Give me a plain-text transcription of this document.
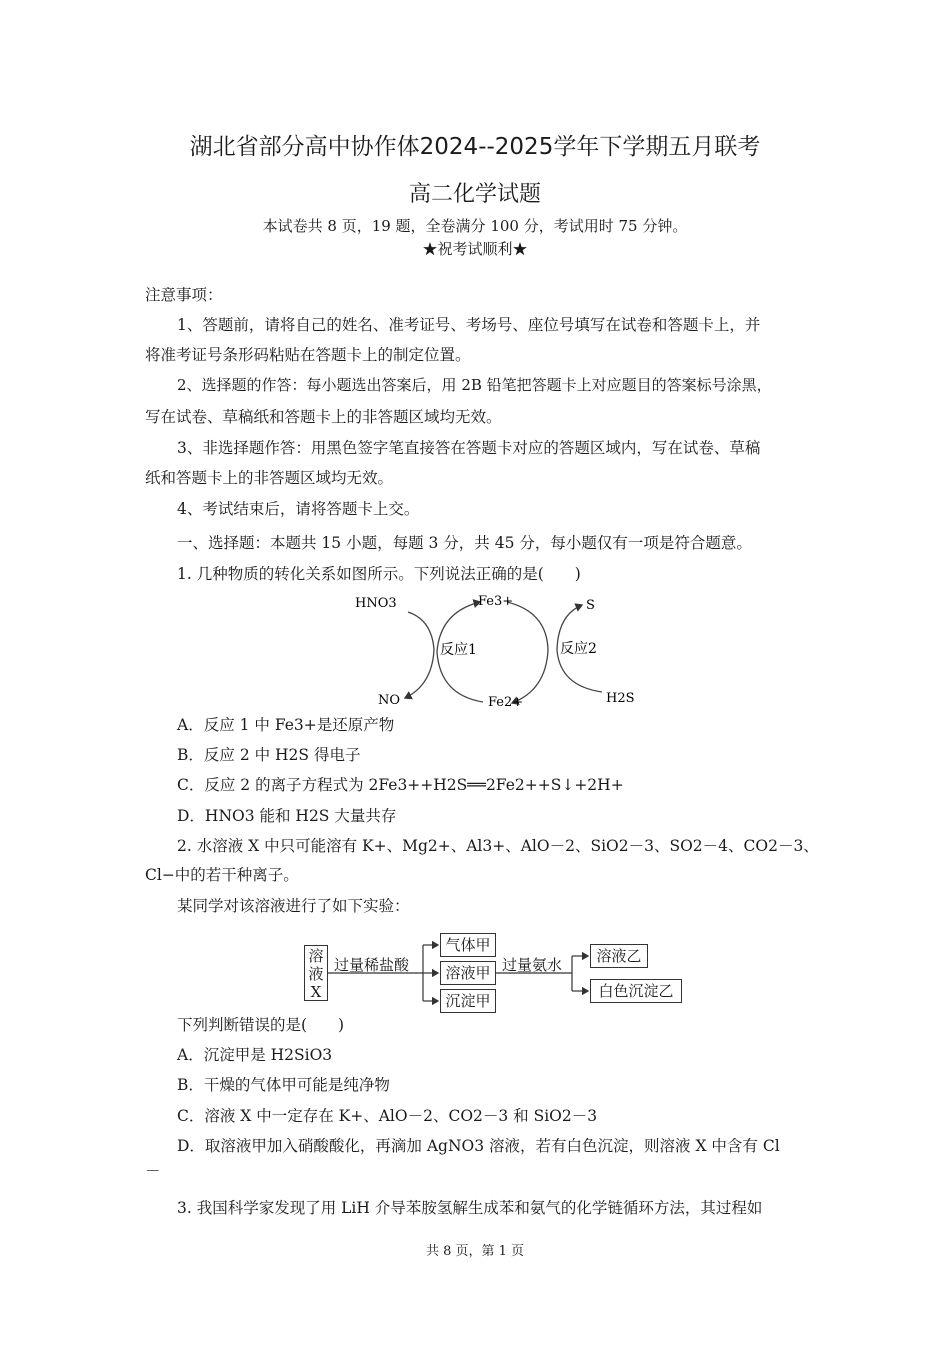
湖北省部分高中协作体2024--2025学年下学期五月联考
高二化学试题
本试卷共 8 页，19 题，全卷满分 100 分，考试用时 75 分钟。
★祝考试顺利★
注意事项：
1、答题前，请将自己的姓名、准考证号、考场号、座位号填写在试卷和答题卡上，并
将准考证号条形码粘贴在答题卡上的制定位置。
2、选择题的作答：每小题选出答案后，用 2B 铅笔把答题卡上对应题目的答案标号涂黑，
写在试卷、草稿纸和答题卡上的非答题区域均无效。
3、非选择题作答：用黑色签字笔直接答在答题卡对应的答题区域内，写在试卷、草稿
纸和答题卡上的非答题区域均无效。
4、考试结束后，请将答题卡上交。
一、选择题：本题共 15 小题，每题 3 分，共 45 分，每小题仅有一项是符合题意。
1. 几种物质的转化关系如图所示。下列说法正确的是(　　)
HNO3
NO
Fe3+
Fe2+
S
H2S
反应1	反应2
A．反应 1 中 Fe3+是还原产物
B．反应 2 中 H2S 得电子
C．反应 2 的离子方程式为 2Fe3++H2S══2Fe2++S↓+2H+
D．HNO3 能和 H2S 大量共存
2. 水溶液 X 中只可能溶有 K+、Mg2+、Al3+、AlO－2、SiO2－3、SO2－4、CO2－3、
Cl−中的若干种离子。
某同学对该溶液进行了如下实验：
溶液X
过量稀盐酸
气体甲
溶液甲
沉淀甲
过量氨水	溶液乙
白色沉淀乙
下列判断错误的是(　　)
A．沉淀甲是 H2SiO3
B．干燥的气体甲可能是纯净物
C．溶液 X 中一定存在 K+、AlO－2、CO2－3 和 SiO2－3
D．取溶液甲加入硝酸酸化，再滴加 AgNO3 溶液，若有白色沉淀，则溶液 X 中含有 Cl
－
3. 我国科学家发现了用 LiH 介导苯胺氢解生成苯和氨气的化学链循环方法，其过程如
共 8 页，第 1 页
